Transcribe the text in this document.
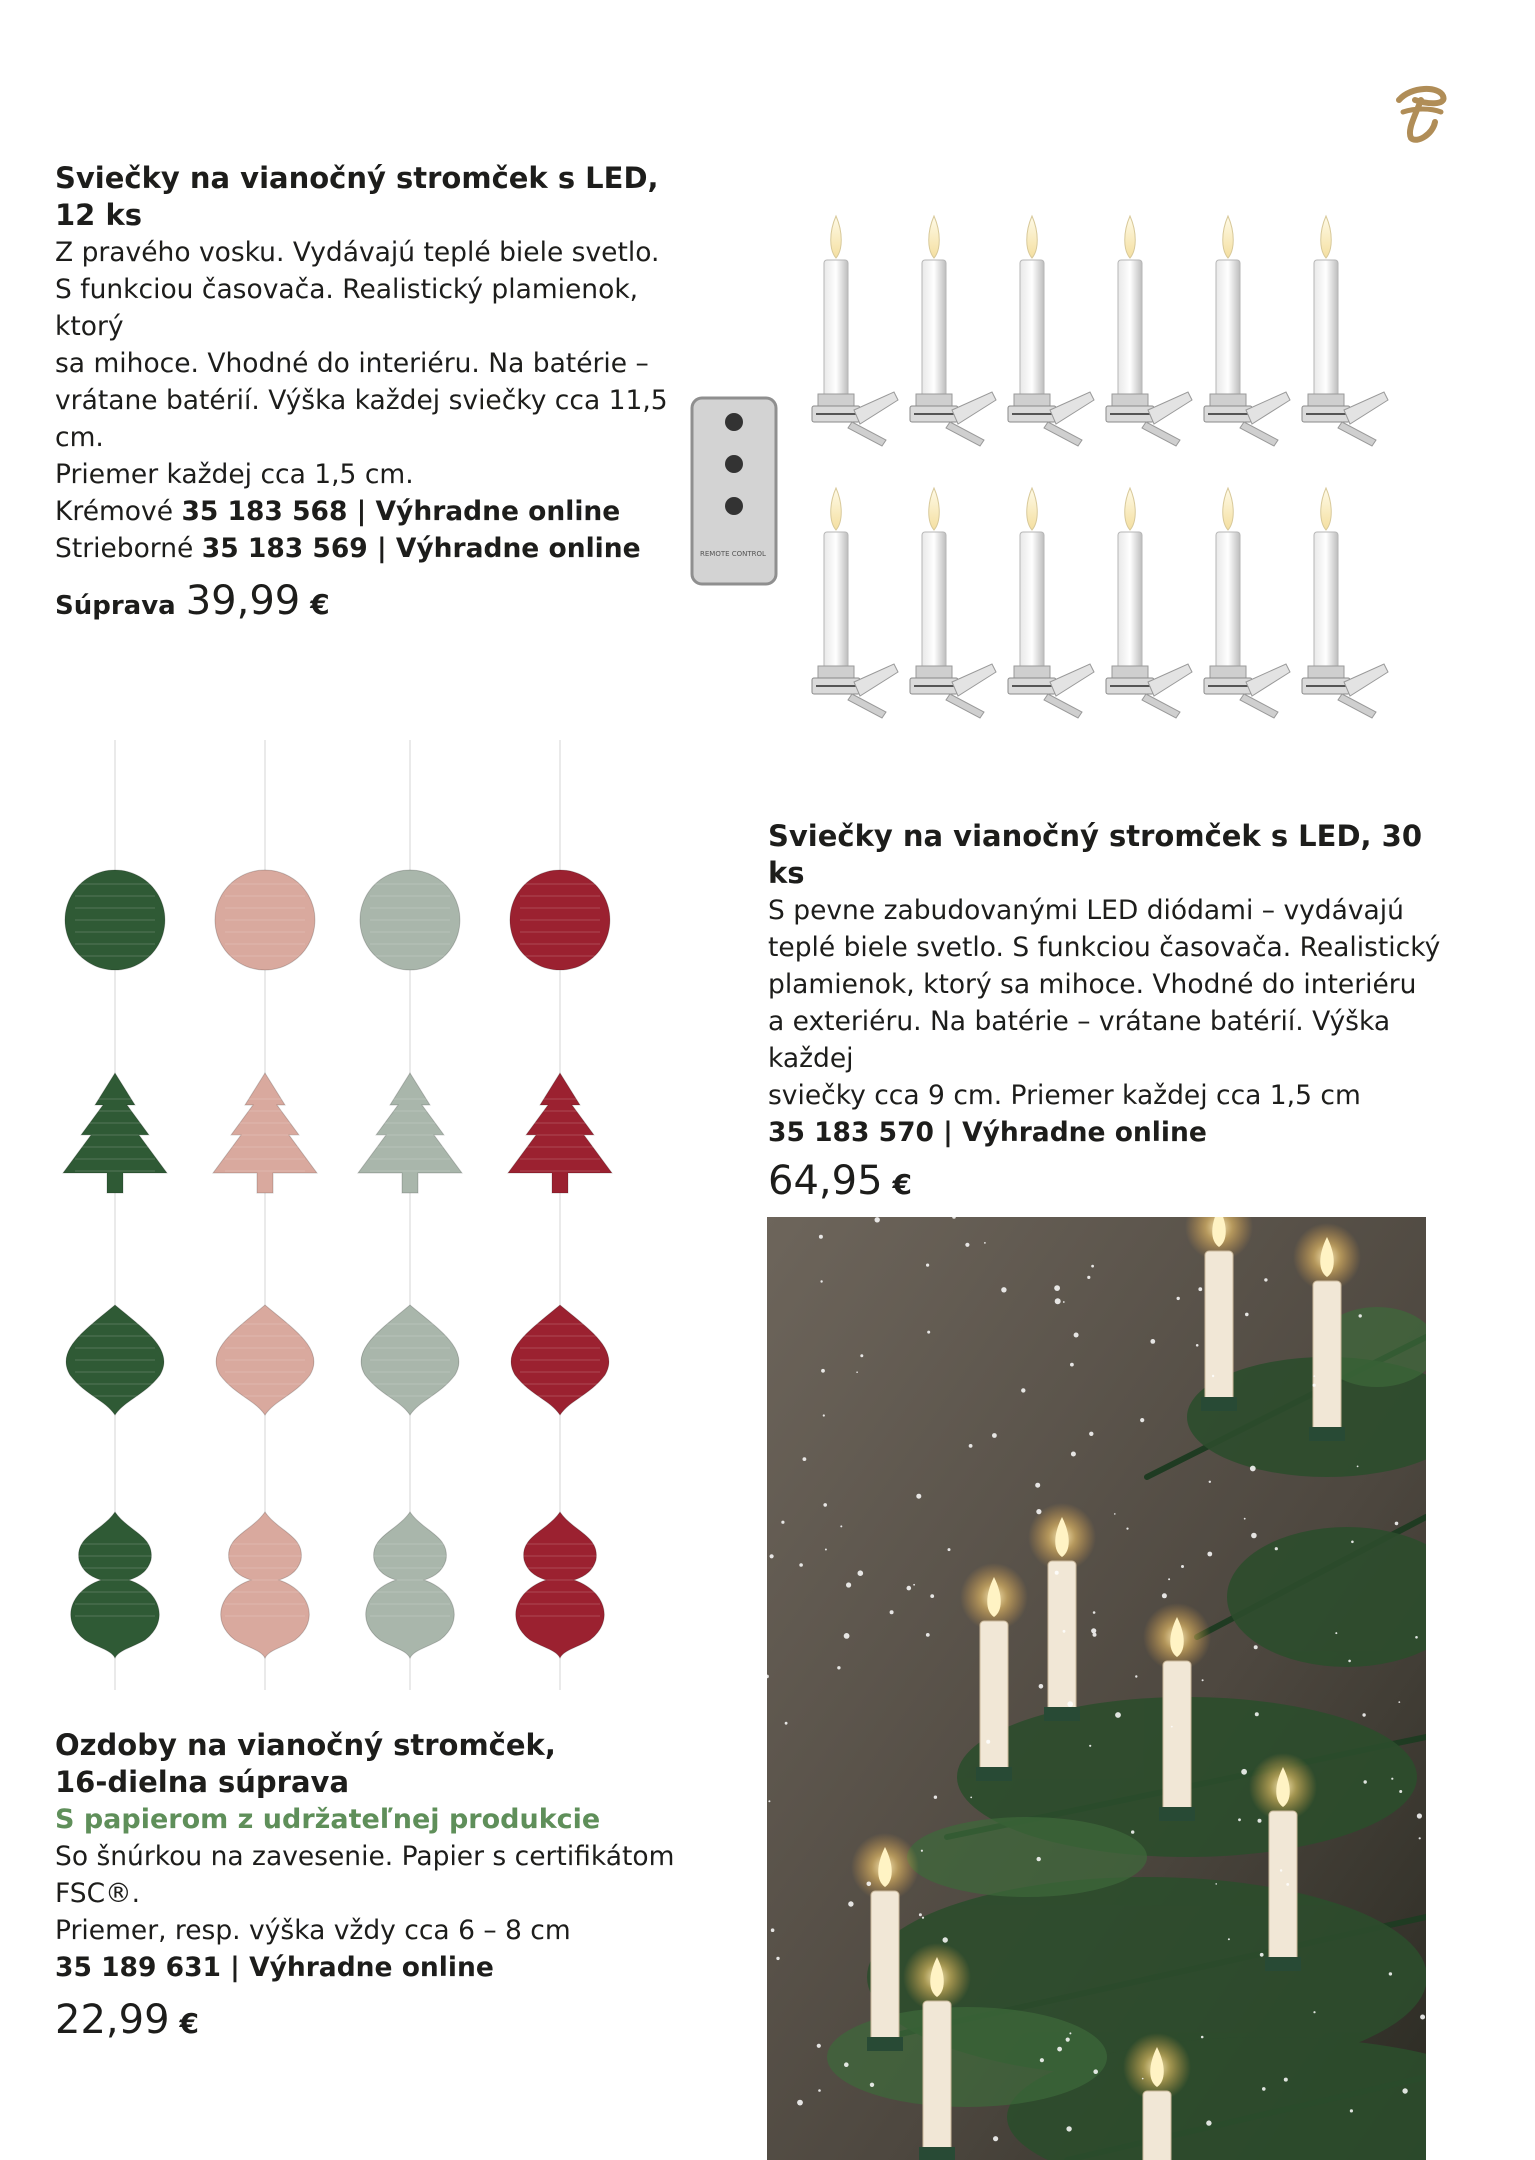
Sviečky na vianočný stromček s LED,

12 ks

Z pravého vosku. Vydávajú teplé biele svetlo.

S funkciou časovača. Realistický plamienok, ktorý

sa mihoce. Vhodné do interiéru. Na batérie –

vrátane batérií. Výška každej sviečky cca 11,5 cm.

Priemer každej cca 1,5 cm.

Krémové 35 183 568 | Výhradne online

Strieborné 35 183 569 | Výhradne online

Súprava 39,99 €
REMOTE CONTROL

Sviečky na vianočný stromček s LED, 30 ks

S pevne zabudovanými LED diódami – vydávajú

teplé biele svetlo. S funkciou časovača. Realistický

plamienok, ktorý sa mihoce. Vhodné do interiéru

a exteriéru. Na batérie – vrátane batérií. Výška každej

sviečky cca 9 cm. Priemer každej cca 1,5 cm

35 183 570 | Výhradne online

64,95 €

Ozdoby na vianočný stromček,

16-dielna súprava

S papierom z udržateľnej produkcie

So šnúrkou na zavesenie. Papier s certifikátom FSC®.

Priemer, resp. výška vždy cca 6 – 8 cm

35 189 631 | Výhradne online

22,99 €
